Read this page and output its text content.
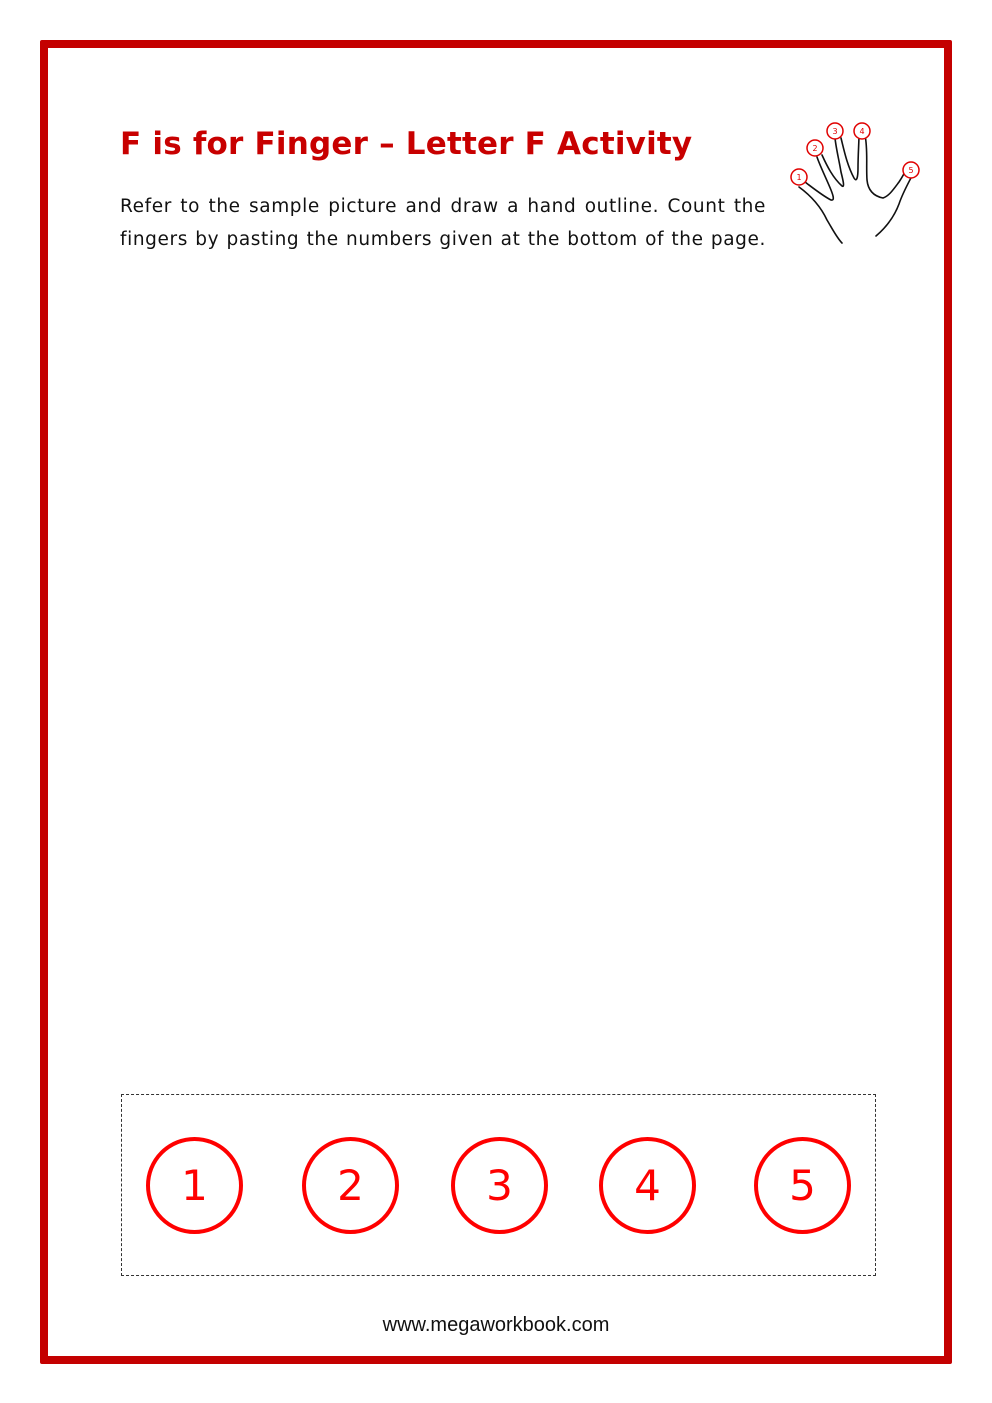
F is for Finger – Letter F Activity

Refer to the sample picture and draw a hand outline. Count the
fingers by pasting the numbers given at the bottom of the page.

1
2
3	4
5
1	2	3	4	5
www.megaworkbook.com
